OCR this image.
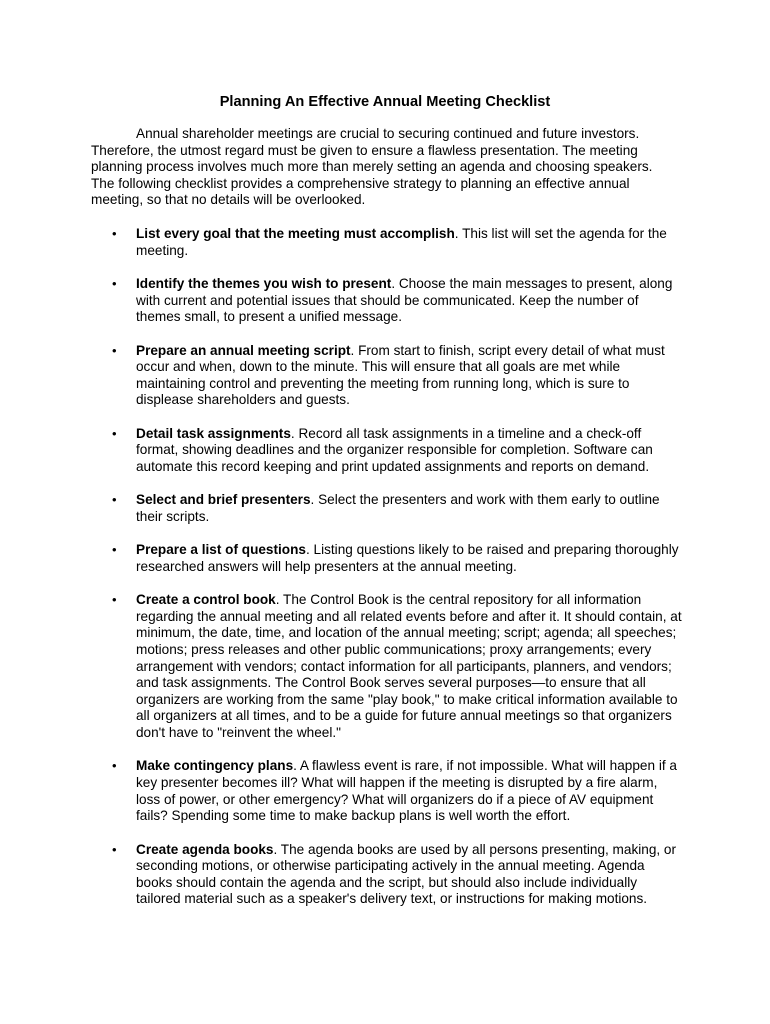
Planning An Effective Annual Meeting Checklist

Annual shareholder meetings are crucial to securing continued and future investors. Therefore, the utmost regard must be given to ensure a flawless presentation. The meeting planning process involves much more than merely setting an agenda and choosing speakers. The following checklist provides a comprehensive strategy to planning an effective annual meeting, so that no details will be overlooked.

• List every goal that the meeting must accomplish. This list will set the agenda for the meeting.
• Identify the themes you wish to present. Choose the main messages to present, along with current and potential issues that should be communicated. Keep the number of themes small, to present a unified message.
• Prepare an annual meeting script. From start to finish, script every detail of what must occur and when, down to the minute. This will ensure that all goals are met while maintaining control and preventing the meeting from running long, which is sure to displease shareholders and guests.
• Detail task assignments. Record all task assignments in a timeline and a check-off format, showing deadlines and the organizer responsible for completion. Software can automate this record keeping and print updated assignments and reports on demand.
• Select and brief presenters. Select the presenters and work with them early to outline their scripts.
• Prepare a list of questions. Listing questions likely to be raised and preparing thoroughly researched answers will help presenters at the annual meeting.
• Create a control book. The Control Book is the central repository for all information regarding the annual meeting and all related events before and after it. It should contain, at minimum, the date, time, and location of the annual meeting; script; agenda; all speeches; motions; press releases and other public communications; proxy arrangements; every arrangement with vendors; contact information for all participants, planners, and vendors; and task assignments. The Control Book serves several purposes—to ensure that all organizers are working from the same "play book," to make critical information available to all organizers at all times, and to be a guide for future annual meetings so that organizers don't have to "reinvent the wheel."
• Make contingency plans. A flawless event is rare, if not impossible. What will happen if a key presenter becomes ill? What will happen if the meeting is disrupted by a fire alarm, loss of power, or other emergency? What will organizers do if a piece of AV equipment fails? Spending some time to make backup plans is well worth the effort.
• Create agenda books. The agenda books are used by all persons presenting, making, or seconding motions, or otherwise participating actively in the annual meeting. Agenda books should contain the agenda and the script, but should also include individually tailored material such as a speaker's delivery text, or instructions for making motions.
